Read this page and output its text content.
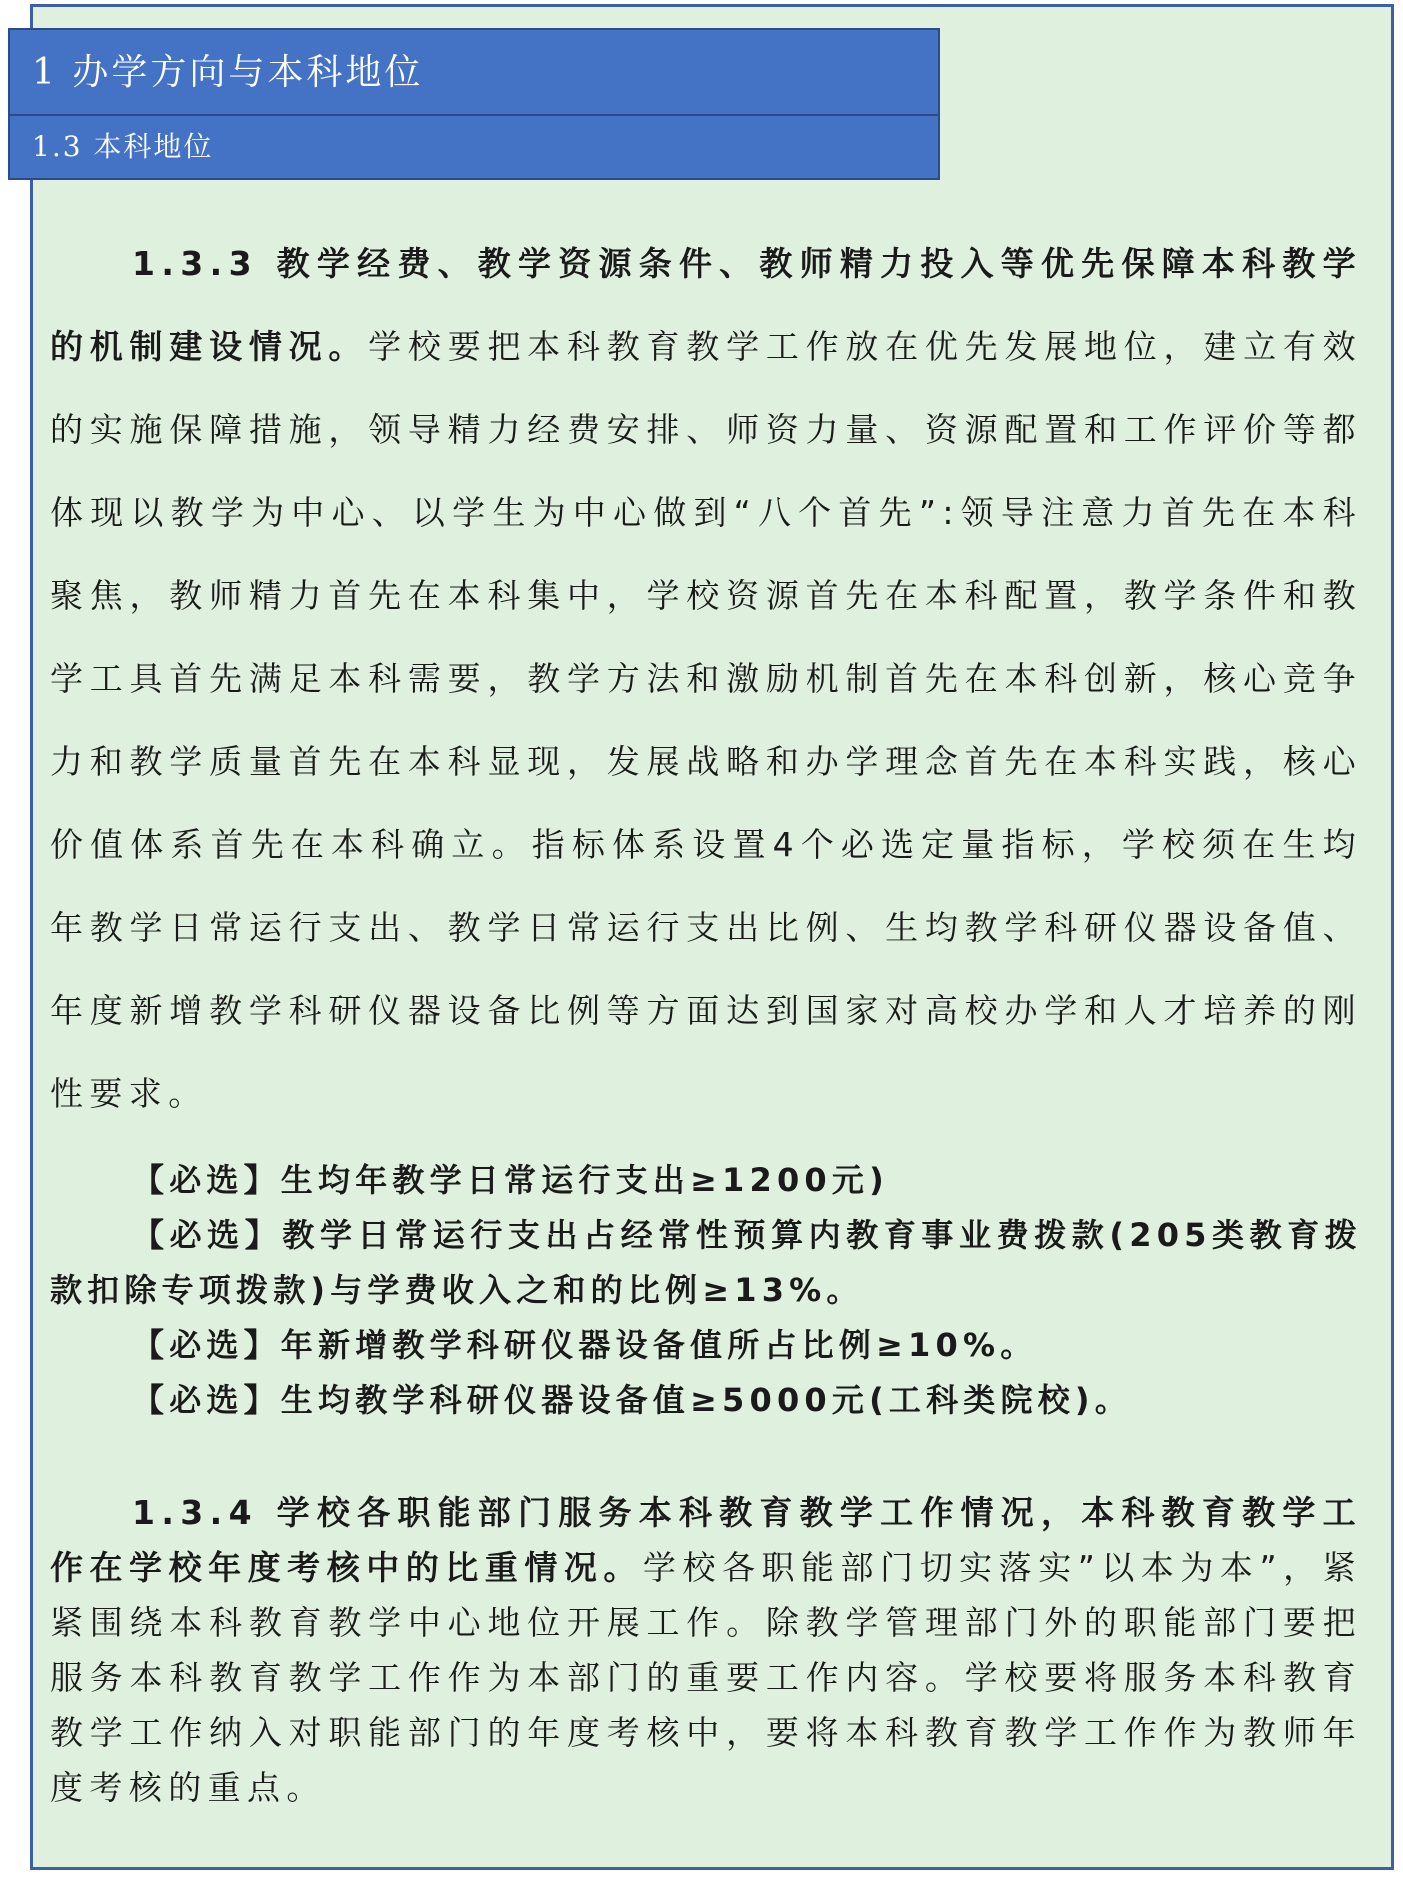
1 办学方向与本科地位
1.3 本科地位

1.3.3 教学经费、教学资源条件、教师精力投入等优先保障本科教学的机制建设情况。学校要把本科教育教学工作放在优先发展地位，建立有效的实施保障措施，领导精力经费安排、师资力量、资源配置和工作评价等都体现以教学为中心、以学生为中心做到“八个首先”:领导注意力首先在本科聚焦，教师精力首先在本科集中，学校资源首先在本科配置，教学条件和教学工具首先满足本科需要，教学方法和激励机制首先在本科创新，核心竞争力和教学质量首先在本科显现，发展战略和办学理念首先在本科实践，核心价值体系首先在本科确立。指标体系设置4个必选定量指标，学校须在生均年教学日常运行支出、教学日常运行支出比例、生均教学科研仪器设备值、年度新增教学科研仪器设备比例等方面达到国家对高校办学和人才培养的刚性要求。

【必选】生均年教学日常运行支出≥1200元)

【必选】教学日常运行支出占经常性预算内教育事业费拨款(205类教育拨款扣除专项拨款)与学费收入之和的比例≥13%。

【必选】年新增教学科研仪器设备值所占比例≥10%。

【必选】生均教学科研仪器设备值≥5000元(工科类院校)。

1.3.4 学校各职能部门服务本科教育教学工作情况，本科教育教学工作在学校年度考核中的比重情况。学校各职能部门切实落实”以本为本”，紧紧围绕本科教育教学中心地位开展工作。除教学管理部门外的职能部门要把服务本科教育教学工作作为本部门的重要工作内容。学校要将服务本科教育教学工作纳入对职能部门的年度考核中，要将本科教育教学工作作为教师年度考核的重点。
